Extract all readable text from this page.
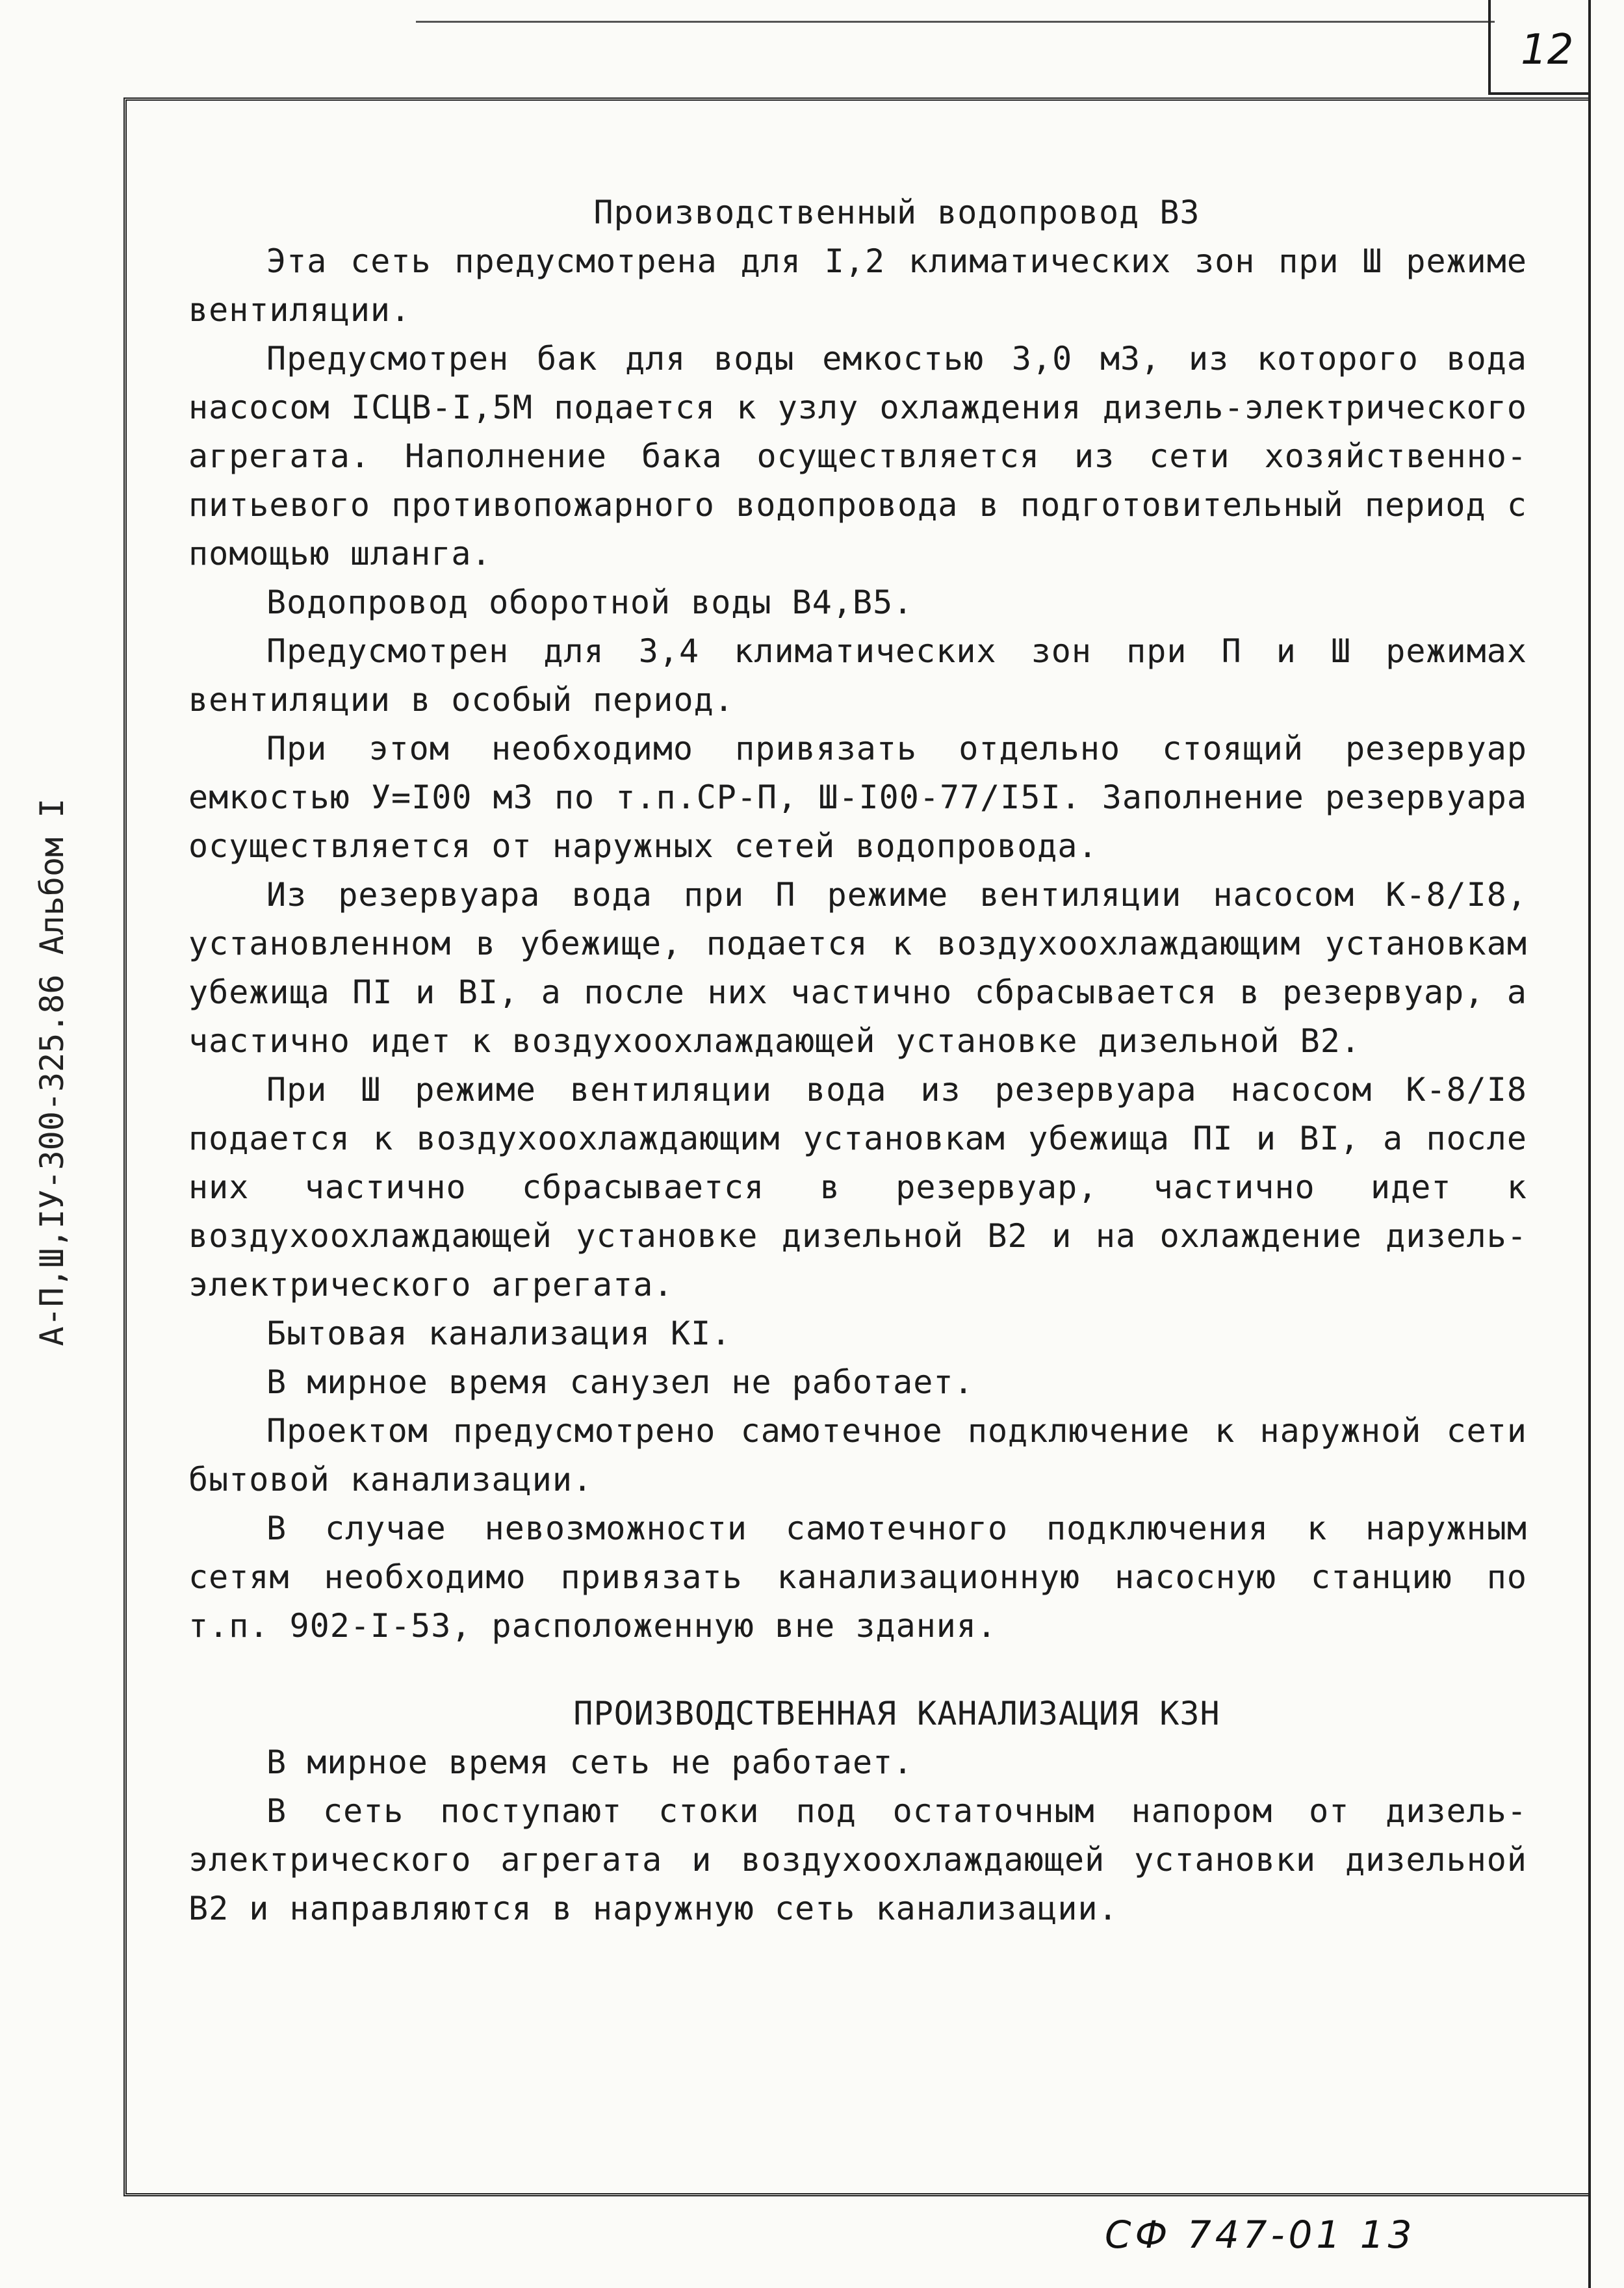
12
А-П,Ш,IУ-300-325.86 Альбом I
Производственный водопровод В3

Эта сеть предусмотрена для I,2 климатических зон при Ш режиме вентиляции.

Предусмотрен бак для воды емкостью 3,0 м3, из которого вода насосом IСЦВ-I,5М подается к узлу охлаждения дизель-электрического агрегата. Наполнение бака осуществляется из сети хозяйственно-питьевого противопожарного водопровода в подготовительный период с помощью шланга.

Водопровод оборотной воды В4,В5.

Предусмотрен для 3,4 климатических зон при П и Ш режимах вентиляции в особый период.

При этом необходимо привязать отдельно стоящий резервуар емкостью У=I00 м3 по т.п.СР-П, Ш-I00-77/I5I. Заполнение резервуара осуществляется от наружных сетей водопровода.

Из резервуара вода при П режиме вентиляции насосом К-8/I8, установленном в убежище, подается к воздухоохлаждающим установкам убежища ПI и ВI, а после них частично сбрасывается в резервуар, а частично идет к воздухоохлаждающей установке дизельной В2.

При Ш режиме вентиляции вода из резервуара насосом К-8/I8 подается к воздухоохлаждающим установкам убежища ПI и ВI, а после них частично сбрасывается в резервуар, частично идет к воздухоохлаждающей установке дизельной В2 и на охлаждение дизель-электрического агрегата.

Бытовая канализация КI.

В мирное время санузел не работает.

Проектом предусмотрено самотечное подключение к наружной сети бытовой канализации.

В случае невозможности самотечного подключения к наружным сетям необходимо привязать канализационную насосную станцию по т.п. 902-I-53, расположенную вне здания.

ПРОИЗВОДСТВЕННАЯ КАНАЛИЗАЦИЯ К3Н

В мирное время сеть не работает.

В сеть поступают стоки под остаточным напором от дизель-электрического агрегата и воздухоохлаждающей установки дизельной В2 и направляются в наружную сеть канализации.

СФ 747-01 13
